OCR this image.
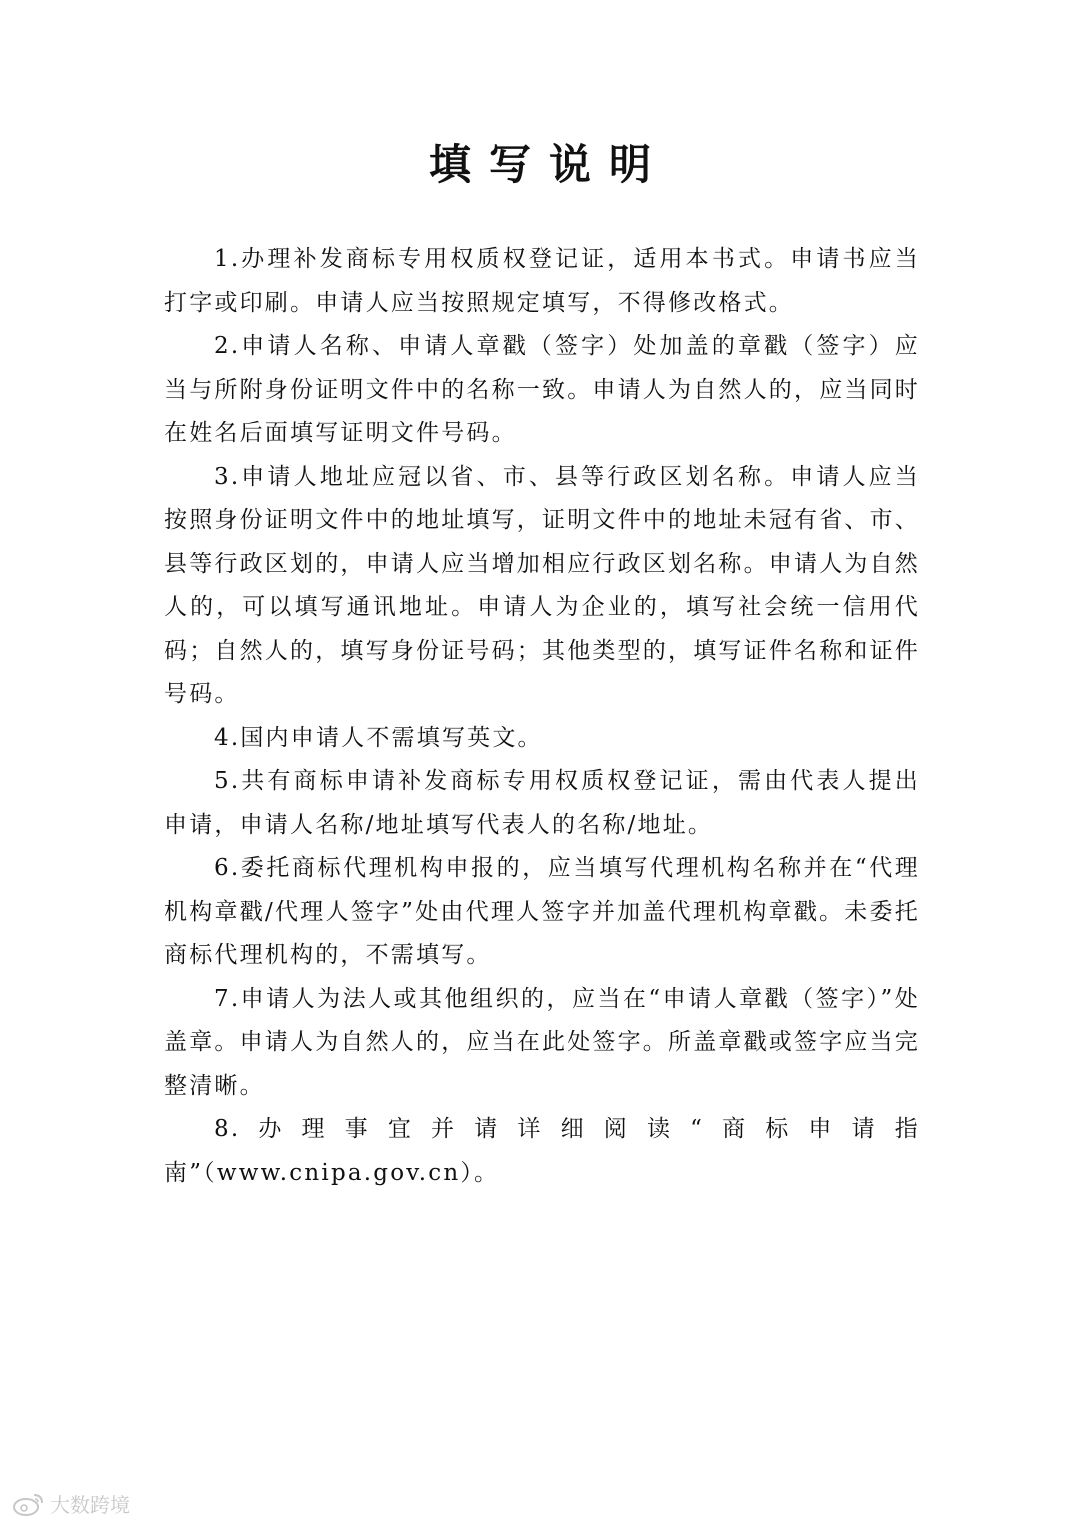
填写说明

1.办理补发商标专用权质权登记证，适用本书式。申请书应当打字或印刷。申请人应当按照规定填写，不得修改格式。

2.申请人名称、申请人章戳（签字）处加盖的章戳（签字）应当与所附身份证明文件中的名称一致。申请人为自然人的，应当同时在姓名后面填写证明文件号码。

3.申请人地址应冠以省、市、县等行政区划名称。申请人应当按照身份证明文件中的地址填写，证明文件中的地址未冠有省、市、县等行政区划的，申请人应当增加相应行政区划名称。申请人为自然人的，可以填写通讯地址。申请人为企业的，填写社会统一信用代码；自然人的，填写身份证号码；其他类型的，填写证件名称和证件号码。

4.国内申请人不需填写英文。

5.共有商标申请补发商标专用权质权登记证，需由代表人提出申请，申请人名称/地址填写代表人的名称/地址。

6.委托商标代理机构申报的，应当填写代理机构名称并在“代理机构章戳/代理人签字”处由代理人签字并加盖代理机构章戳。未委托商标代理机构的，不需填写。

7.申请人为法人或其他组织的，应当在“申请人章戳（签字）”处盖章。申请人为自然人的，应当在此处签字。所盖章戳或签字应当完整清晰。

8.办理事宜并请详细阅读“商标申请指南”（www.cnipa.gov.cn）。

大数跨境
